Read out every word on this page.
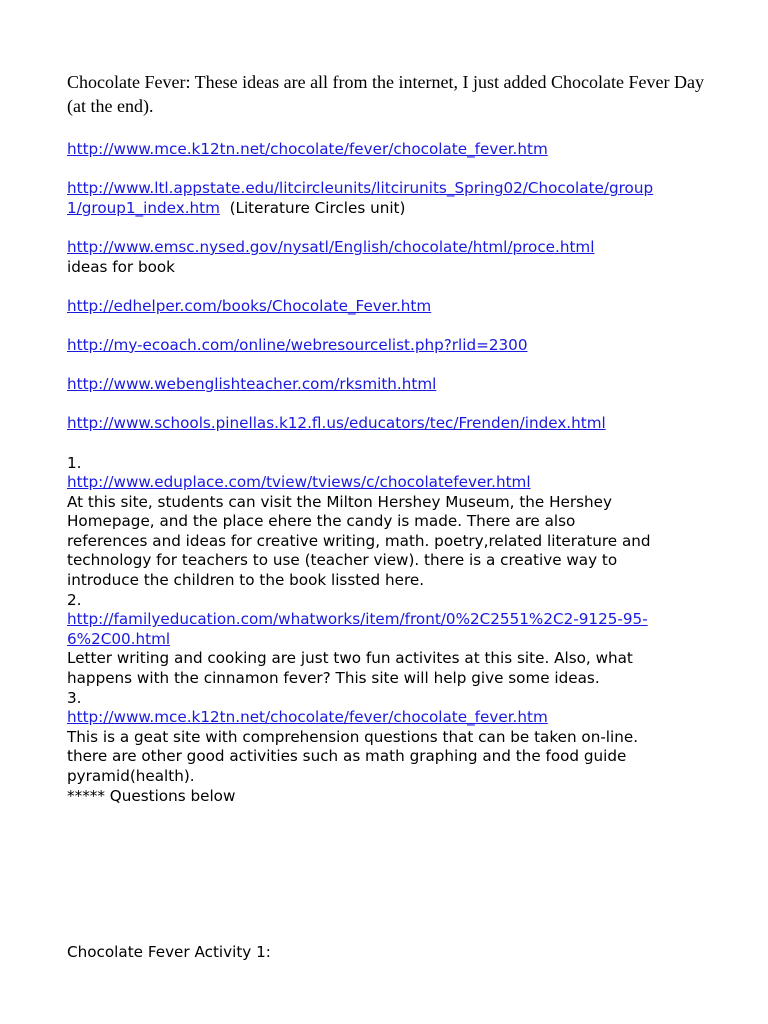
Chocolate Fever: These ideas are all from the internet, I just added Chocolate Fever Day (at the end).

http://www.mce.k12tn.net/chocolate/fever/chocolate_fever.htm
http://www.ltl.appstate.edu/litcircleunits/litcirunits_Spring02/Chocolate/group
1/group1_index.htm (Literature Circles unit)
http://www.emsc.nysed.gov/nysatl/English/chocolate/html/proce.html
ideas for book
http://edhelper.com/books/Chocolate_Fever.htm
http://my-ecoach.com/online/webresourcelist.php?rlid=2300
http://www.webenglishteacher.com/rksmith.html
http://www.schools.pinellas.k12.fl.us/educators/tec/Frenden/index.html
1.
http://www.eduplace.com/tview/tviews/c/chocolatefever.html
At this site, students can visit the Milton Hershey Museum, the Hershey
Homepage, and the place ehere the candy is made. There are also
references and ideas for creative writing, math. poetry,related literature and
technology for teachers to use (teacher view). there is a creative way to
introduce the children to the book lissted here.
2.
http://familyeducation.com/whatworks/item/front/0%2C2551%2C2-9125-95-
6%2C00.html
Letter writing and cooking are just two fun activites at this site. Also, what
happens with the cinnamon fever? This site will help give some ideas.
3.
http://www.mce.k12tn.net/chocolate/fever/chocolate_fever.htm
This is a geat site with comprehension questions that can be taken on-line.
there are other good activities such as math graphing and the food guide
pyramid(health).
***** Questions below
Chocolate Fever Activity 1:
